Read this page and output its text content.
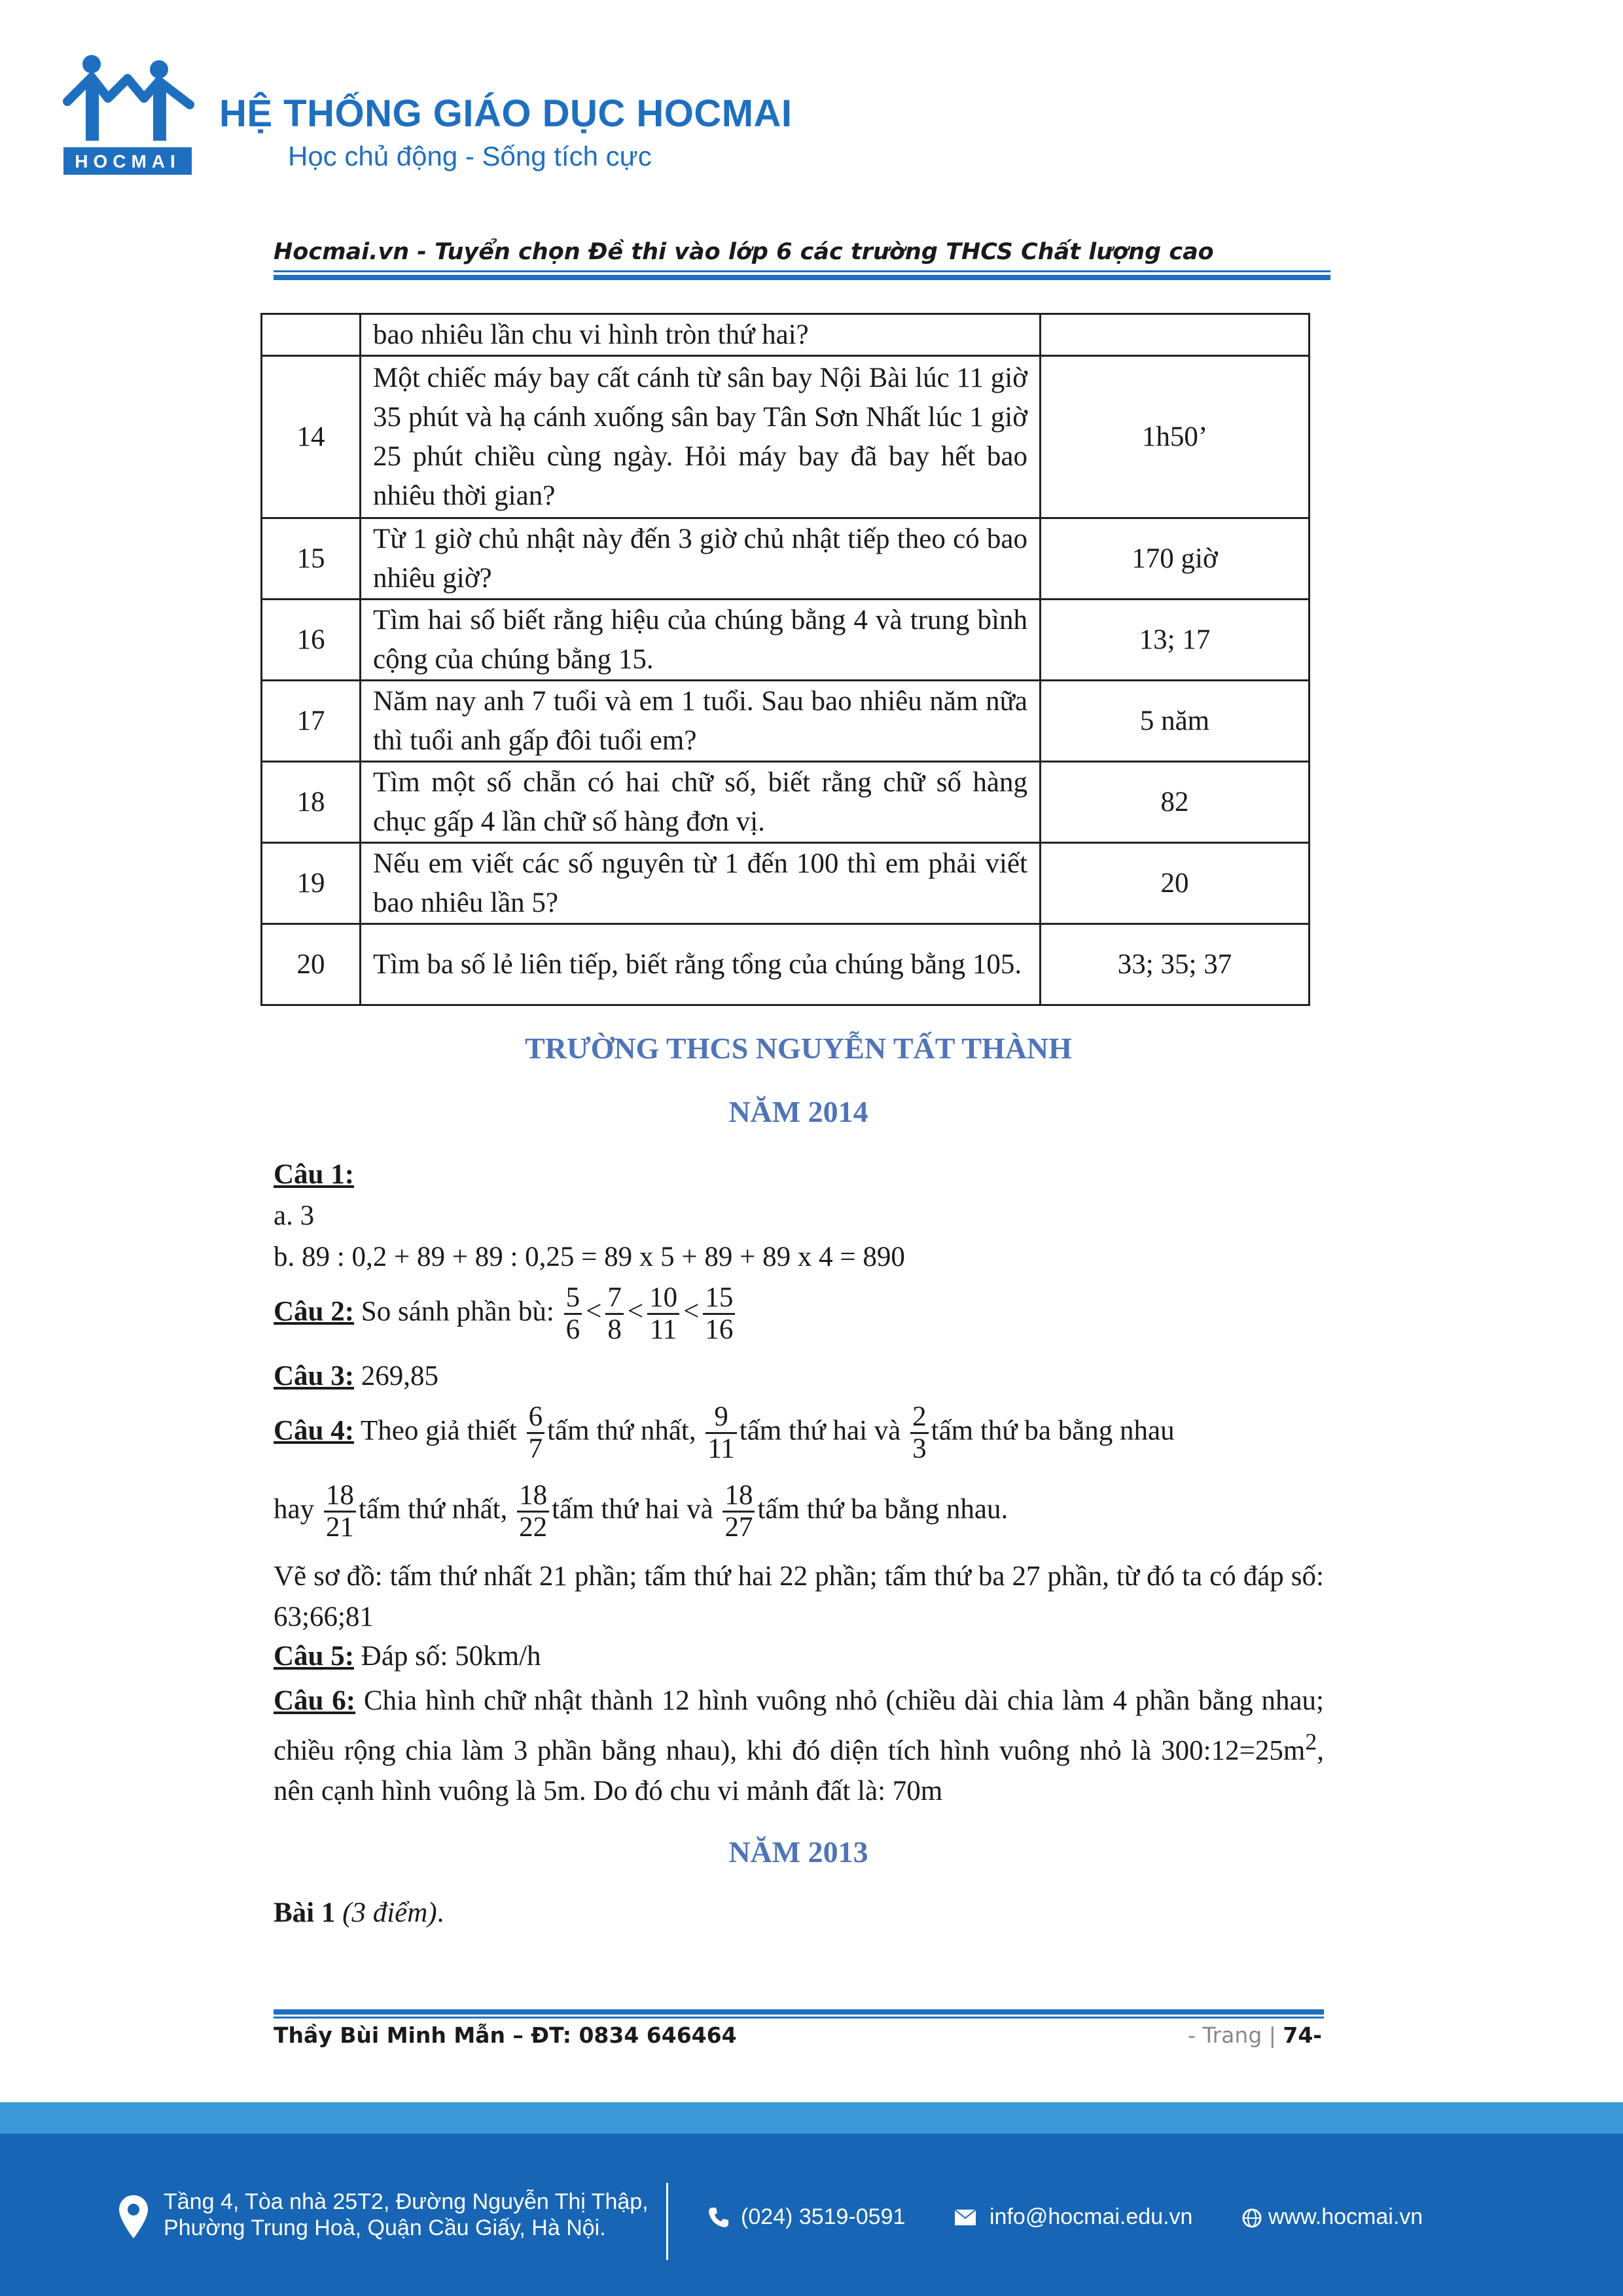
HOCMAI
HỆ THỐNG GIÁO DỤC HOCMAI
Học chủ động - Sống tích cực
Hocmai.vn - Tuyển chọn Đề thi vào lớp 6 các trường THCS Chất lượng cao
	bao nhiêu lần chu vi hình tròn thứ hai?	
14	Một chiếc máy bay cất cánh từ sân bay Nội Bài lúc 11 giờ 35 phút và hạ cánh xuống sân bay Tân Sơn Nhất lúc 1 giờ 25 phút chiều cùng ngày. Hỏi máy bay đã bay hết bao nhiêu thời gian?	1h50’
15	Từ 1 giờ chủ nhật này đến 3 giờ chủ nhật tiếp theo có bao nhiêu giờ?	170 giờ
16	Tìm hai số biết rằng hiệu của chúng bằng 4 và trung bình cộng của chúng bằng 15.	13; 17
17	Năm nay anh 7 tuổi và em 1 tuổi. Sau bao nhiêu năm nữa thì tuổi anh gấp đôi tuổi em?	5 năm
18	Tìm một số chẵn có hai chữ số, biết rằng chữ số hàng chục gấp 4 lần chữ số hàng đơn vị.	82
19	Nếu em viết các số nguyên từ 1 đến 100 thì em phải viết bao nhiêu lần 5?	20
20	Tìm ba số lẻ liên tiếp, biết rằng tổng của chúng bằng 105.	33; 35; 37
TRƯỜNG THCS NGUYỄN TẤT THÀNH
NĂM 2014
Câu 1:
a. 3
b. 89 : 0,2 + 89 + 89 : 0,25 = 89 x 5 + 89 + 89 x 4 = 890
Câu 2: So sánh phần bù: $\frac{5}{6} < \frac{7}{8} < \frac{10}{11} < \frac{15}{16}$
Câu 3: 269,85
Câu 4: Theo giả thiết $\frac{6}{7}$ tấm thứ nhất, $\frac{9}{11}$ tấm thứ hai và $\frac{2}{3}$ tấm thứ ba bằng nhau
hay $\frac{18}{21}$ tấm thứ nhất, $\frac{18}{22}$ tấm thứ hai và $\frac{18}{27}$ tấm thứ ba bằng nhau.
Vẽ sơ đồ: tấm thứ nhất 21 phần; tấm thứ hai 22 phần; tấm thứ ba 27 phần, từ đó ta có đáp số: 63;66;81
Câu 5: Đáp số: 50km/h
Câu 6: Chia hình chữ nhật thành 12 hình vuông nhỏ (chiều dài chia làm 4 phần bằng nhau; chiều rộng chia làm 3 phần bằng nhau), khi đó diện tích hình vuông nhỏ là $300:12=25m^2$, nên cạnh hình vuông là 5m. Do đó chu vi mảnh đất là: 70m
NĂM 2013
Bài 1 (3 điểm).
Thầy Bùi Minh Mẫn – ĐT: 0834 646464	- Trang | 74-
Tầng 4, Tòa nhà 25T2, Đường Nguyễn Thị Thập,
Phường Trung Hoà, Quận Cầu Giấy, Hà Nội.	(024) 3519-0591	info@hocmai.edu.vn	www.hocmai.vn
